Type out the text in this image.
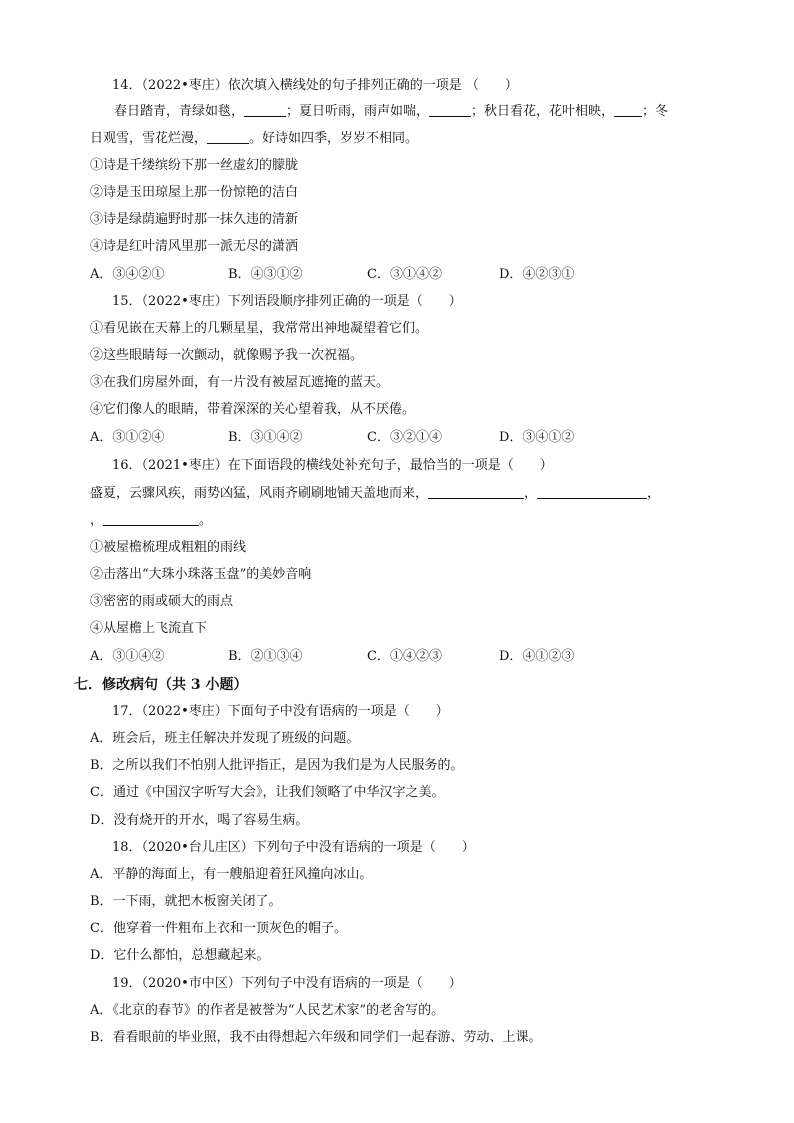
14．（2022•枣庄）依次填入横线处的句子排列正确的一项是 （　　）
春日踏青，青绿如毯，	；夏日听雨，雨声如喘，	；秋日看花，花叶相映， ；冬
日观雪，雪花烂漫，	。好诗如四季，岁岁不相同。
①诗是千缕缤纷下那一丝虚幻的朦胧
②诗是玉田琼屋上那一份惊艳的洁白
③诗是绿荫遍野时那一抹久违的清新
④诗是红叶清风里那一派无尽的潇洒
A．③④②①	B．④③①②	C．③①④②	D．④②③①
15．（2022•枣庄）下列语段顺序排列正确的一项是（　　）
①看见嵌在天幕上的几颗星星，我常常出神地凝望着它们。
②这些眼睛每一次颤动，就像赐予我一次祝福。
③在我们房屋外面，有一片没有被屋瓦遮掩的蓝天。
④它们像人的眼睛，带着深深的关心望着我，从不厌倦。
A．③①②④	B．③①④②	C．③②①④	D．③④①②
16．（2021•枣庄）在下面语段的横线处补充句子，最恰当的一项是（　　）
盛夏，云骤风疾，雨势凶猛，风雨齐刷刷地铺天盖地而来，	，	，
，	。
①被屋檐梳理成粗粗的雨线
②击落出“大珠小珠落玉盘”的美妙音响
③密密的雨或硕大的雨点
④从屋檐上飞流直下
A．③①④②	B．②①③④	C．①④②③	D．④①②③
七．修改病句（共 3 小题）
17．（2022•枣庄）下面句子中没有语病的一项是（　　）
A．班会后，班主任解决并发现了班级的问题。
B．之所以我们不怕别人批评指正，是因为我们是为人民服务的。
C．通过《中国汉字听写大会》，让我们领略了中华汉字之美。
D．没有烧开的开水，喝了容易生病。
18．（2020•台儿庄区）下列句子中没有语病的一项是（　　）
A．平静的海面上，有一艘船迎着狂风撞向冰山。
B．一下雨，就把木板窗关闭了。
C．他穿着一件粗布上衣和一顶灰色的帽子。
D．它什么都怕，总想藏起来。
19．（2020•市中区）下列句子中没有语病的一项是（　　）
A．《北京的春节》的作者是被誉为“人民艺术家”的老舍写的。
B．看看眼前的毕业照，我不由得想起六年级和同学们一起春游、劳动、上课。
